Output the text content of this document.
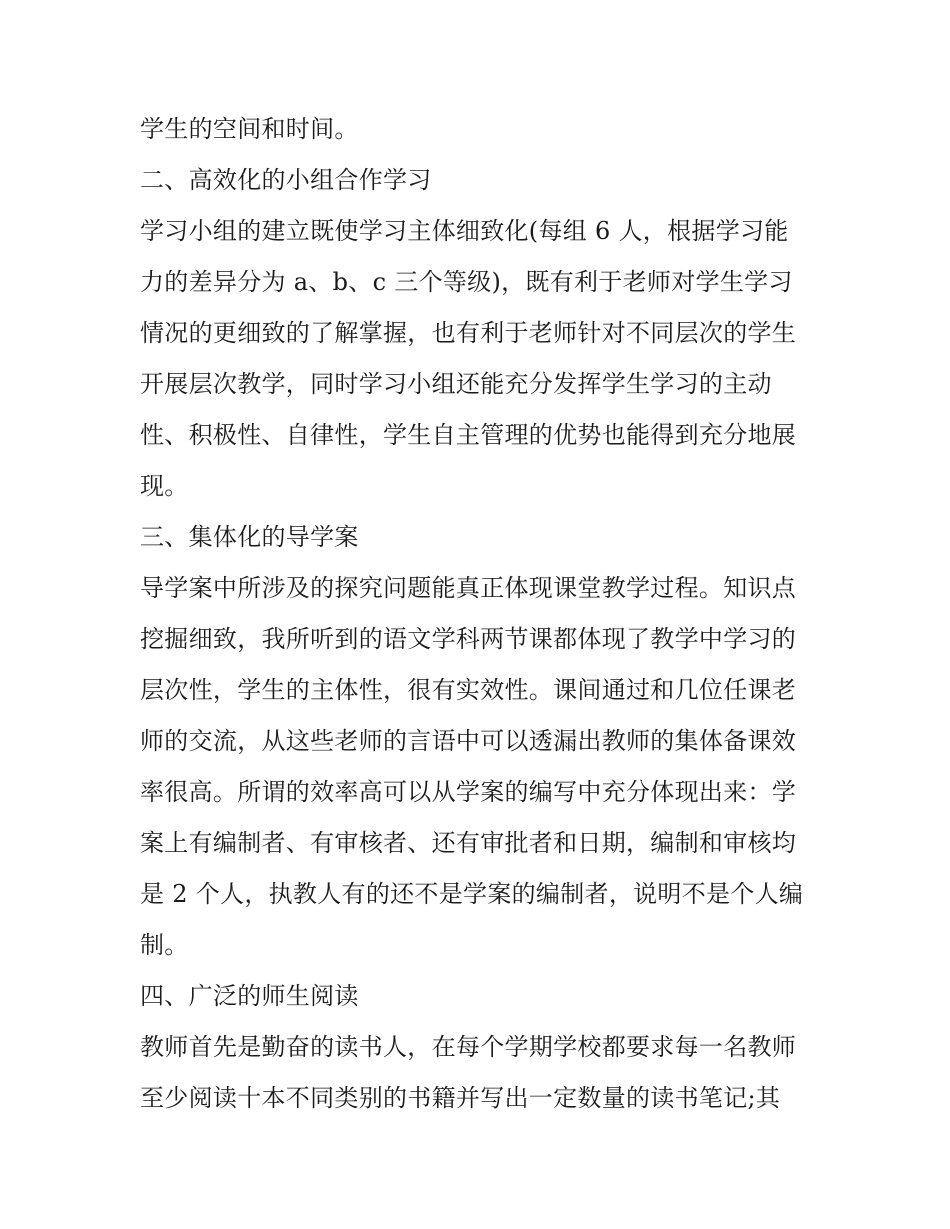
学生的空间和时间。
二、高效化的小组合作学习
学习小组的建立既使学习主体细致化(每组 6 人，根据学习能
力的差异分为 a、b、c 三个等级)，既有利于老师对学生学习
情况的更细致的了解掌握，也有利于老师针对不同层次的学生
开展层次教学，同时学习小组还能充分发挥学生学习的主动
性、积极性、自律性，学生自主管理的优势也能得到充分地展
现。
三、集体化的导学案
导学案中所涉及的探究问题能真正体现课堂教学过程。知识点
挖掘细致，我所听到的语文学科两节课都体现了教学中学习的
层次性，学生的主体性，很有实效性。课间通过和几位任课老
师的交流，从这些老师的言语中可以透漏出教师的集体备课效
率很高。所谓的效率高可以从学案的编写中充分体现出来：学
案上有编制者、有审核者、还有审批者和日期，编制和审核均
是 2 个人，执教人有的还不是学案的编制者，说明不是个人编
制。
四、广泛的师生阅读
教师首先是勤奋的读书人，在每个学期学校都要求每一名教师
至少阅读十本不同类别的书籍并写出一定数量的读书笔记;其
